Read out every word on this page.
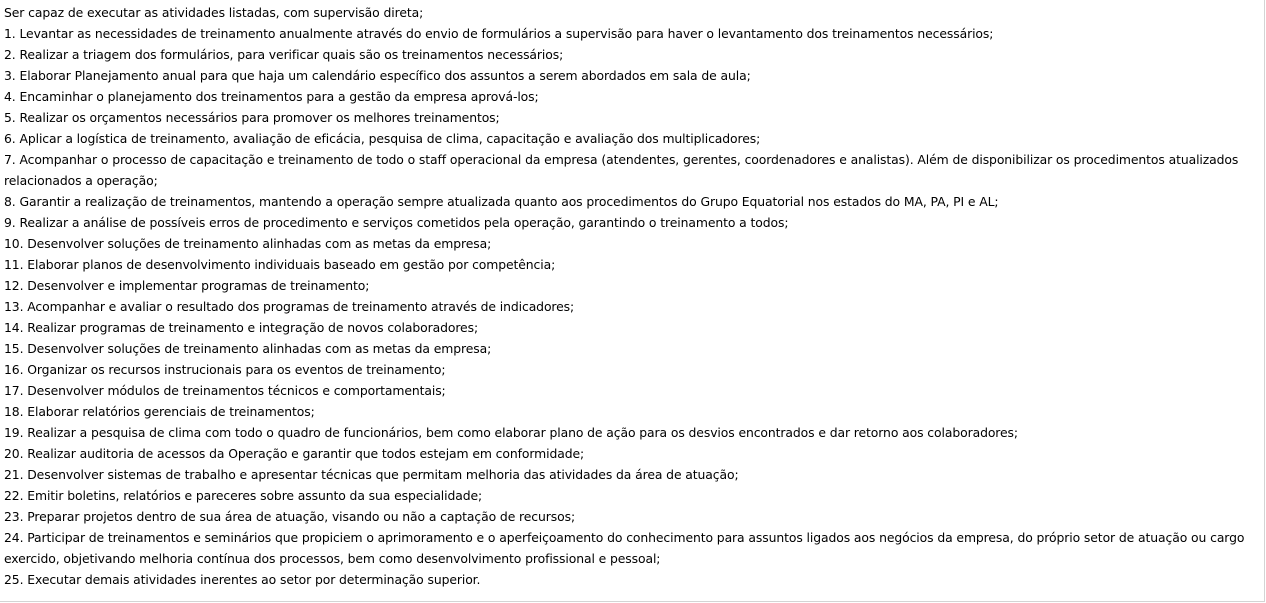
Ser capaz de executar as atividades listadas, com supervisão direta;
1. Levantar as necessidades de treinamento anualmente através do envio de formulários a supervisão para haver o levantamento dos treinamentos necessários;
2. Realizar a triagem dos formulários, para verificar quais são os treinamentos necessários;
3. Elaborar Planejamento anual para que haja um calendário específico dos assuntos a serem abordados em sala de aula;
4. Encaminhar o planejamento dos treinamentos para a gestão da empresa aprová-los;
5. Realizar os orçamentos necessários para promover os melhores treinamentos;
6. Aplicar a logística de treinamento, avaliação de eficácia, pesquisa de clima, capacitação e avaliação dos multiplicadores;
7. Acompanhar o processo de capacitação e treinamento de todo o staff operacional da empresa (atendentes, gerentes, coordenadores e analistas). Além de disponibilizar os procedimentos atualizados relacionados a operação;
8. Garantir a realização de treinamentos, mantendo a operação sempre atualizada quanto aos procedimentos do Grupo Equatorial nos estados do MA, PA, PI e AL;
9. Realizar a análise de possíveis erros de procedimento e serviços cometidos pela operação, garantindo o treinamento a todos;
10. Desenvolver soluções de treinamento alinhadas com as metas da empresa;
11. Elaborar planos de desenvolvimento individuais baseado em gestão por competência;
12. Desenvolver e implementar programas de treinamento;
13. Acompanhar e avaliar o resultado dos programas de treinamento através de indicadores;
14. Realizar programas de treinamento e integração de novos colaboradores;
15. Desenvolver soluções de treinamento alinhadas com as metas da empresa;
16. Organizar os recursos instrucionais para os eventos de treinamento;
17. Desenvolver módulos de treinamentos técnicos e comportamentais;
18. Elaborar relatórios gerenciais de treinamentos;
19. Realizar a pesquisa de clima com todo o quadro de funcionários, bem como elaborar plano de ação para os desvios encontrados e dar retorno aos colaboradores;
20. Realizar auditoria de acessos da Operação e garantir que todos estejam em conformidade;
21. Desenvolver sistemas de trabalho e apresentar técnicas que permitam melhoria das atividades da área de atuação;
22. Emitir boletins, relatórios e pareceres sobre assunto da sua especialidade;
23. Preparar projetos dentro de sua área de atuação, visando ou não a captação de recursos;
24. Participar de treinamentos e seminários que propiciem o aprimoramento e o aperfeiçoamento do conhecimento para assuntos ligados aos negócios da empresa, do próprio setor de atuação ou cargo exercido, objetivando melhoria contínua dos processos, bem como desenvolvimento profissional e pessoal;
25. Executar demais atividades inerentes ao setor por determinação superior.
